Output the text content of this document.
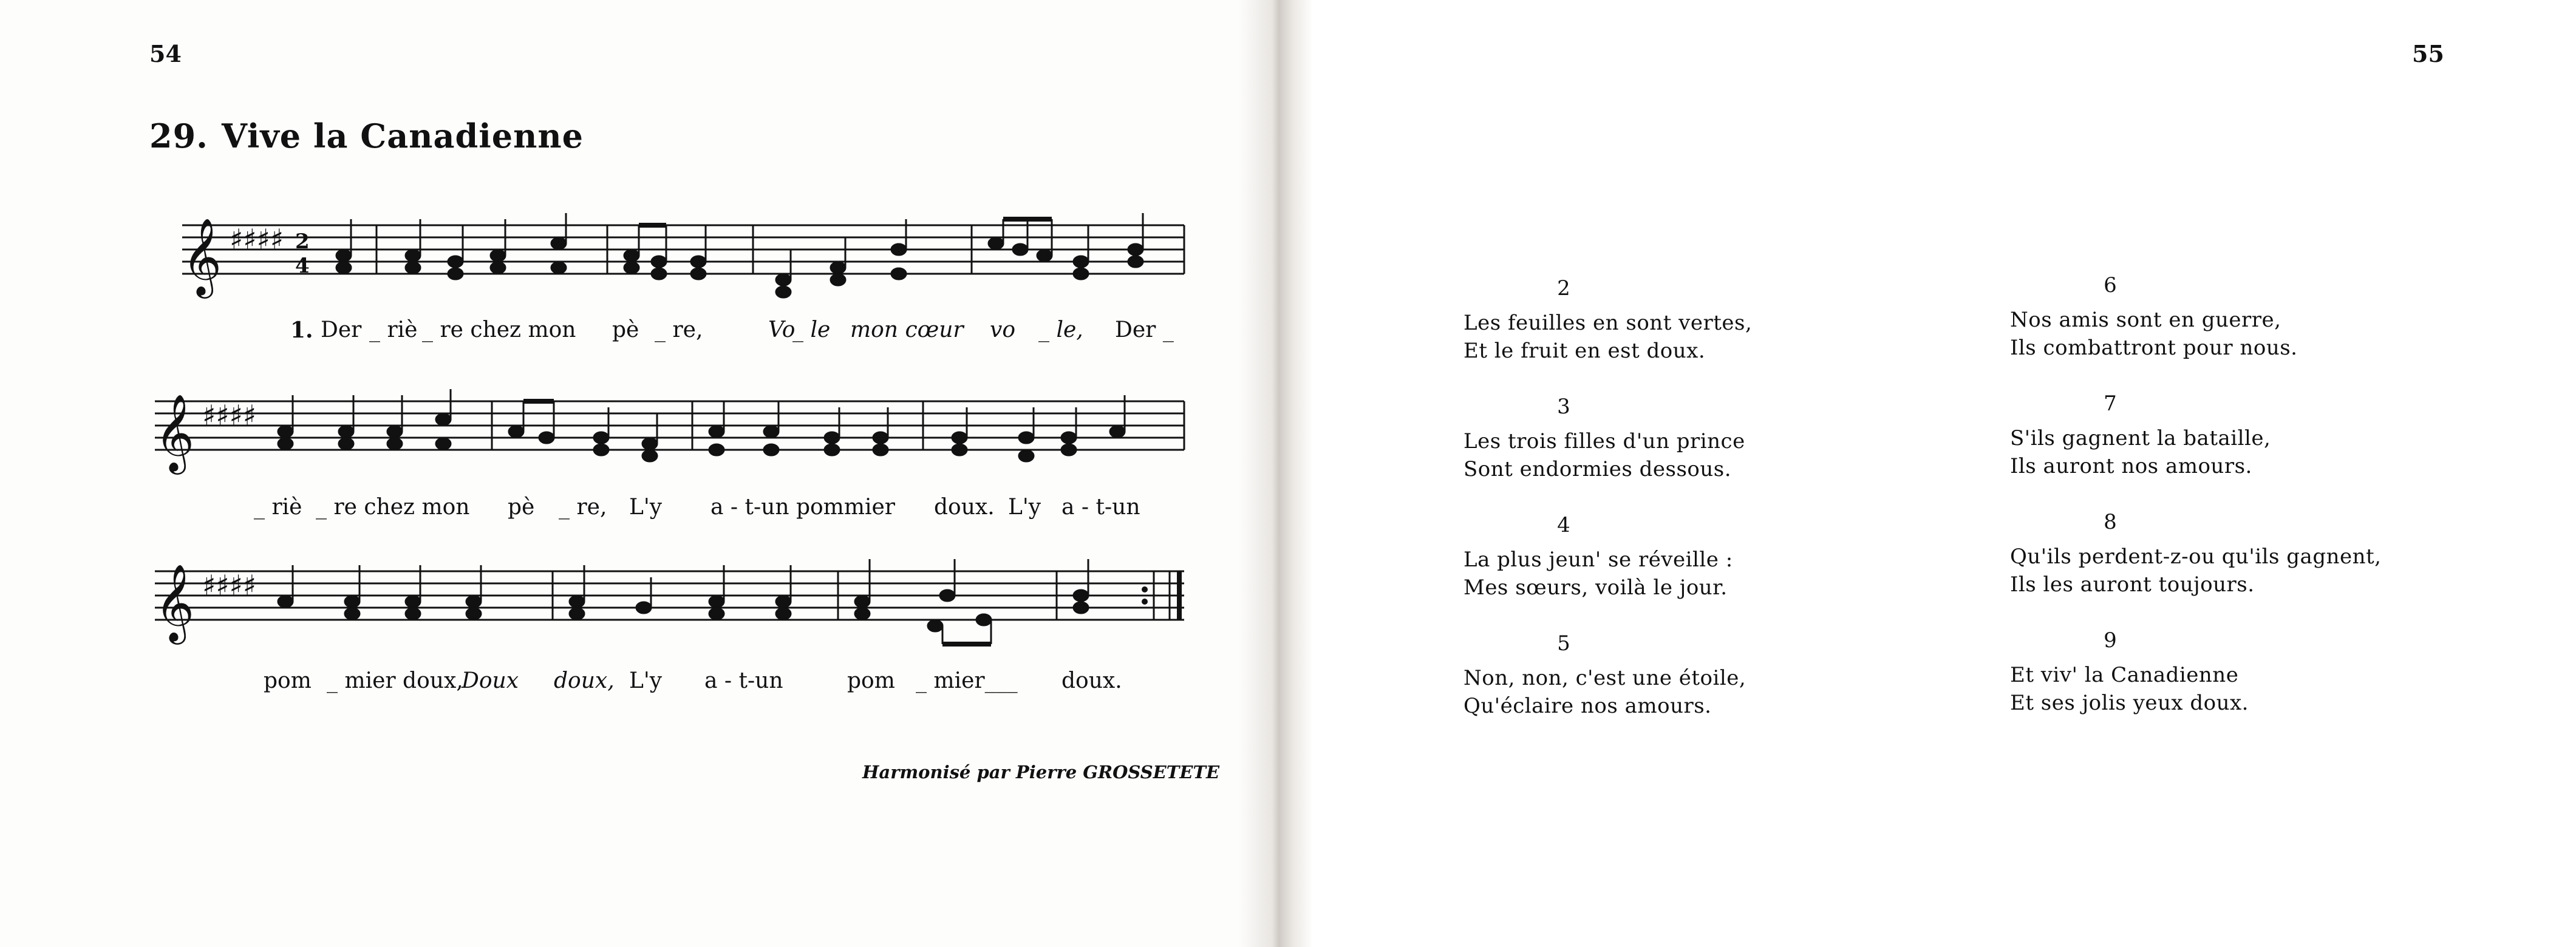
54
29. Vive la Canadienne
𝄞 ♯♯♯♯ 2
4
𝄞 ♯♯♯♯
𝄞 ♯♯♯♯
1. Der _ riè _ re chez mon pè _ re,	Vo
_ le mon cœur vo _ le, Der _
_ riè _ re chez mon pè _ re, L'y a - t-un pommier doux. L'y a - t-un
pom _ mier doux,
Doux doux, L'y a - t-un	pom _ mier___ doux.
Harmonisé par Pierre GROSSETETE
55
2
Les feuilles en sont vertes,
Et le fruit en est doux.
3
Les trois filles d'un prince
Sont endormies dessous.
4
La plus jeun' se réveille :
Mes sœurs, voilà le jour.
5
Non, non, c'est une étoile,
Qu'éclaire nos amours.
6
Nos amis sont en guerre,
Ils combattront pour nous.
7
S'ils gagnent la bataille,
Ils auront nos amours.
8
Qu'ils perdent-z-ou qu'ils gagnent,
Ils les auront toujours.
9
Et viv' la Canadienne
Et ses jolis yeux doux.
